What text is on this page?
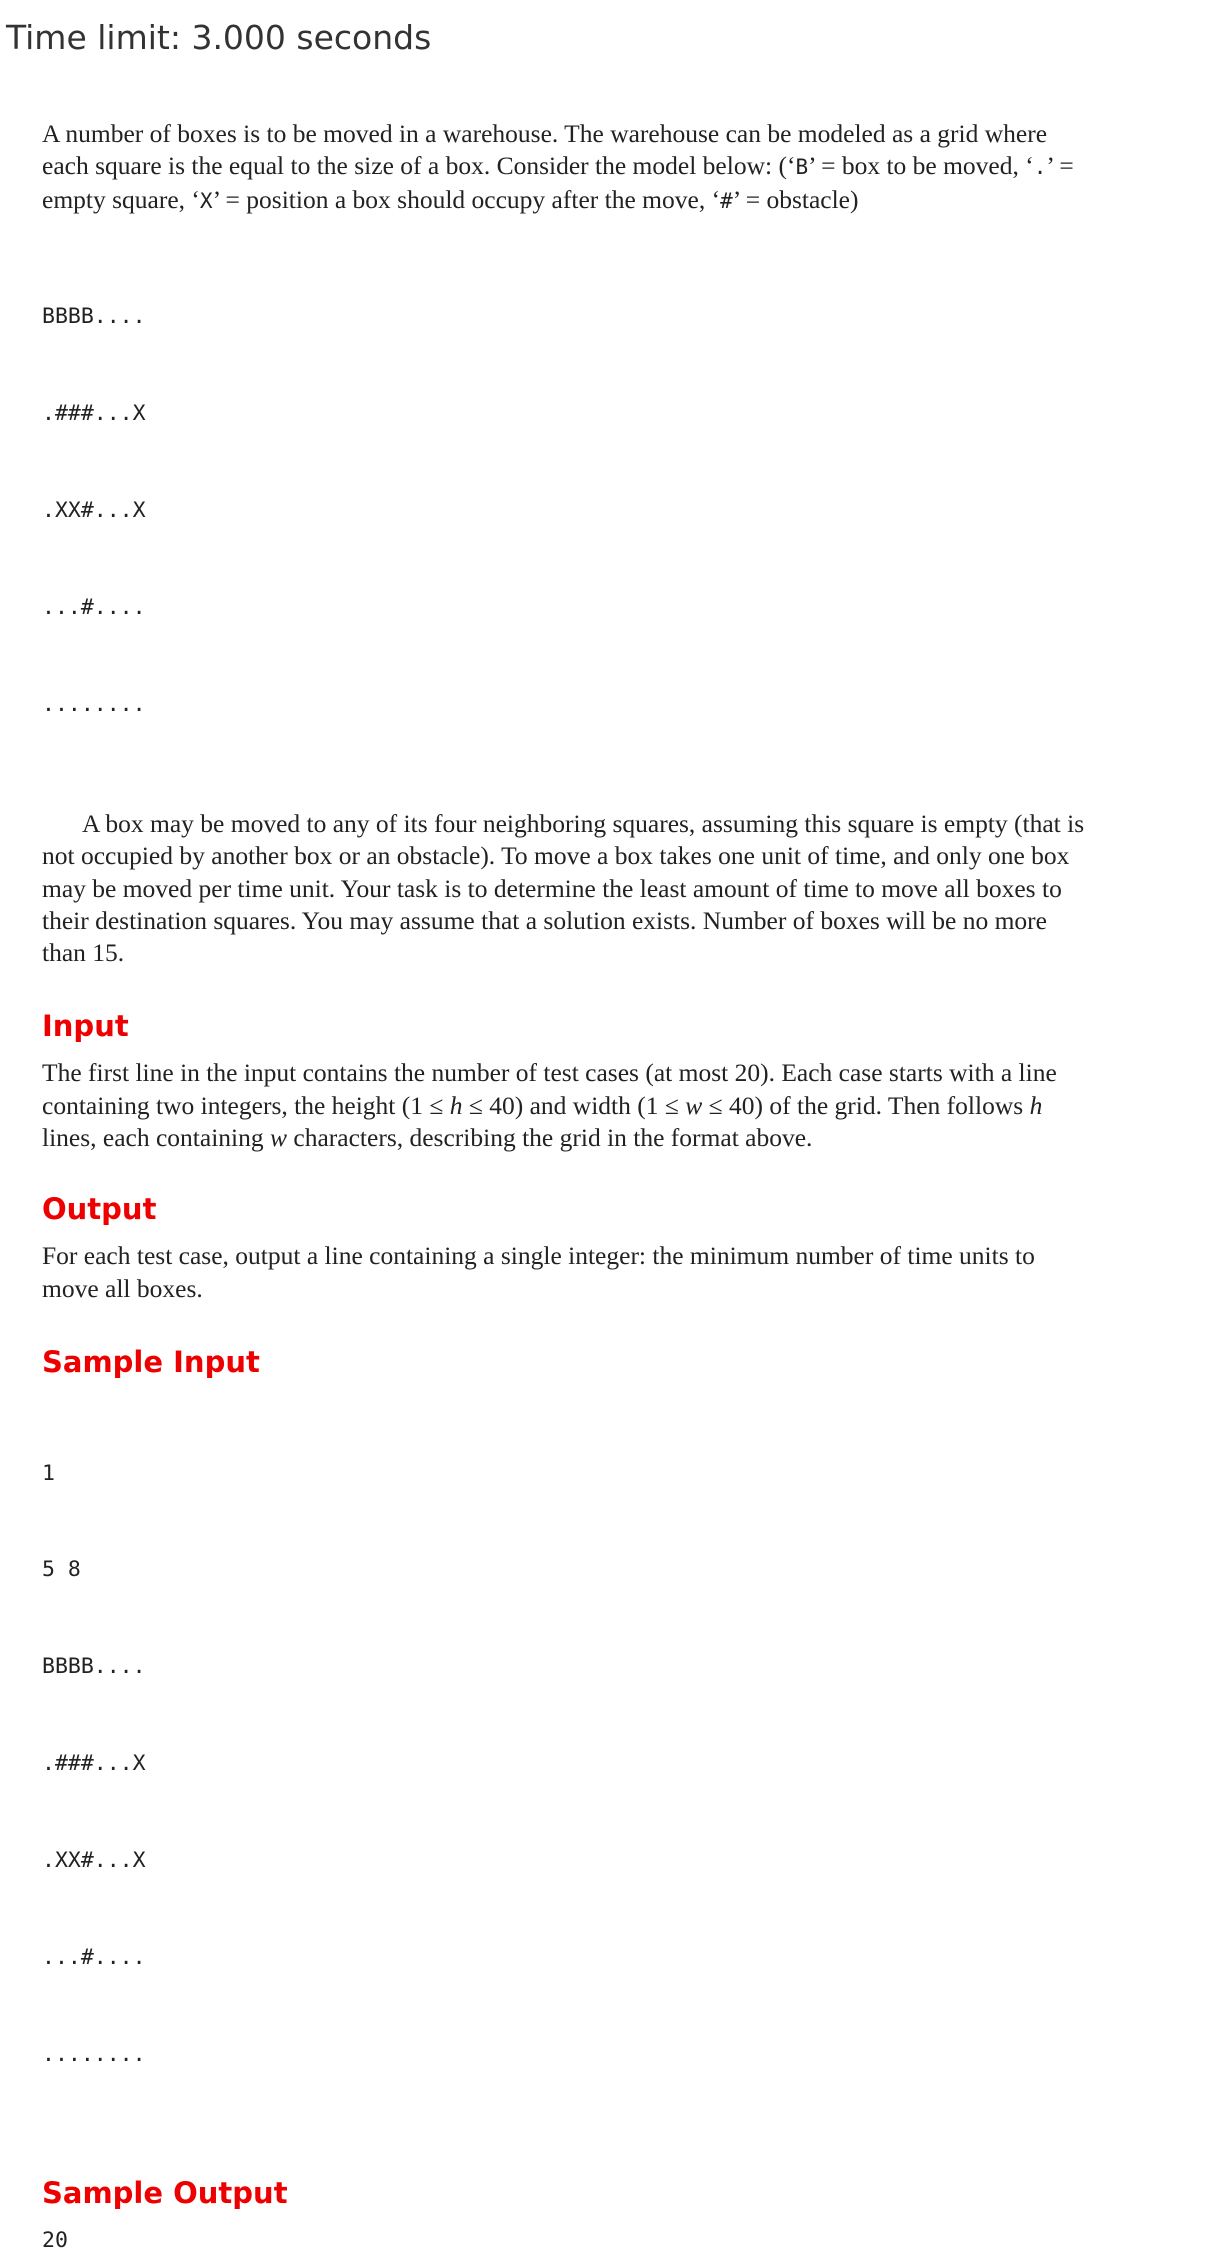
Time limit: 3.000 seconds

A number of boxes is to be moved in a warehouse. The warehouse can be modeled as a grid where
each square is the equal to the size of a box. Consider the model below: (‘B’ = box to be moved, ‘.’ =
empty square, ‘X’ = position a box should occupy after the move, ‘#’ = obstacle)

BBBB....

.###...X

.XX#...X

...#....

........

A box may be moved to any of its four neighboring squares, assuming this square is empty (that is
not occupied by another box or an obstacle). To move a box takes one unit of time, and only one box
may be moved per time unit. Your task is to determine the least amount of time to move all boxes to
their destination squares. You may assume that a solution exists. Number of boxes will be no more
than 15.

Input

The first line in the input contains the number of test cases (at most 20). Each case starts with a line
containing two integers, the height (1 ≤ h ≤ 40) and width (1 ≤ w ≤ 40) of the grid. Then follows h
lines, each containing w characters, describing the grid in the format above.

Output

For each test case, output a line containing a single integer: the minimum number of time units to
move all boxes.

Sample Input

1

5 8

BBBB....

.###...X

.XX#...X

...#....

........

Sample Output
20
